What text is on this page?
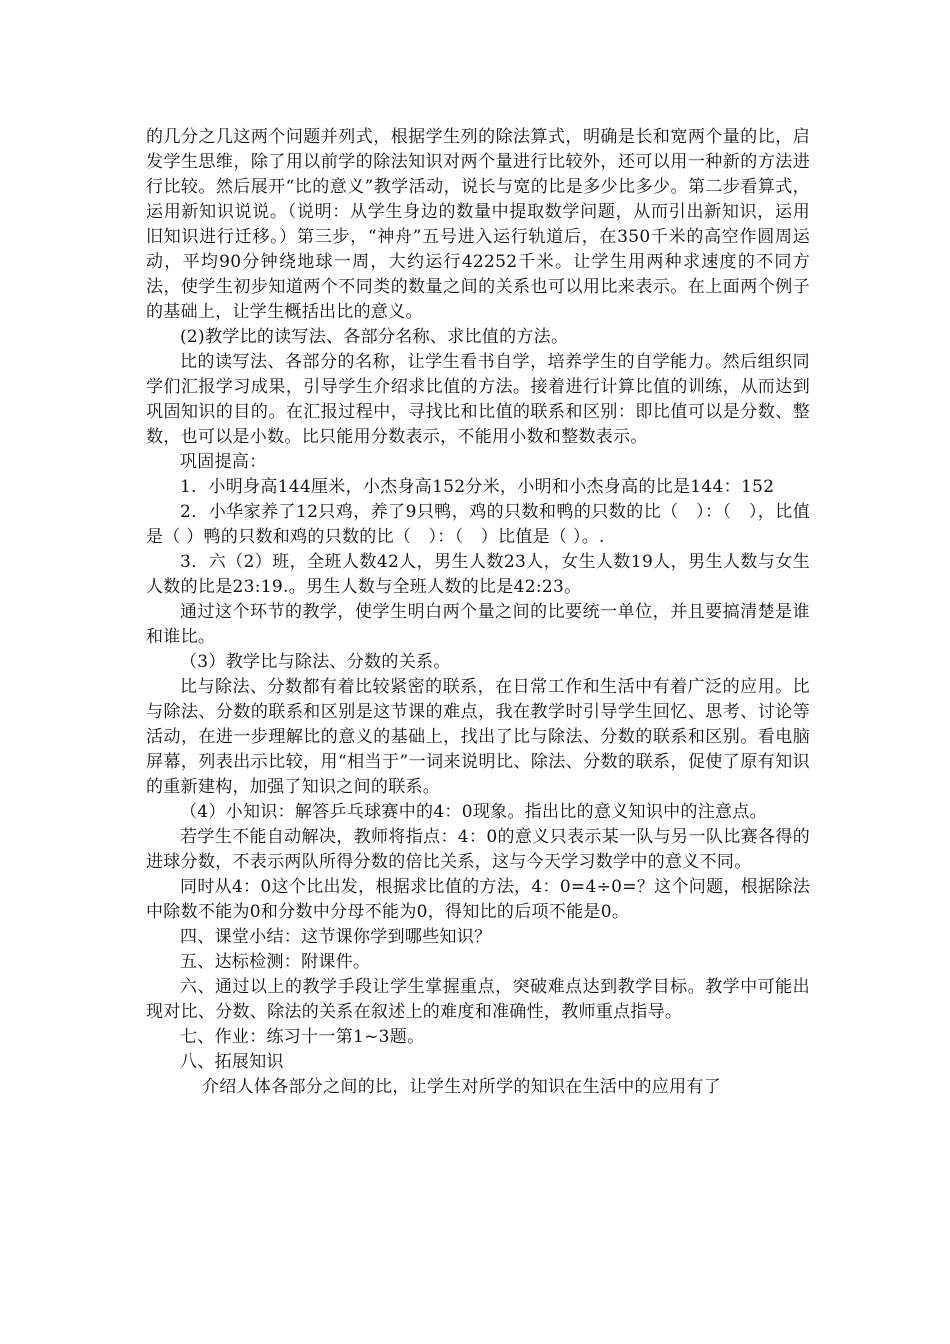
的几分之几这两个问题并列式，根据学生列的除法算式，明确是长和宽两个量的比，启发学生思维，除了用以前学的除法知识对两个量进行比较外，还可以用一种新的方法进行比较。然后展开“比的意义”教学活动，说长与宽的比是多少比多少。第二步看算式，运用新知识说说。（说明：从学生身边的数量中提取数学问题，从而引出新知识，运用旧知识进行迁移。）第三步，“神舟”五号进入运行轨道后，在350千米的高空作圆周运动，平均90分钟绕地球一周，大约运行42252千米。让学生用两种求速度的不同方法，使学生初步知道两个不同类的数量之间的关系也可以用比来表示。在上面两个例子的基础上，让学生概括出比的意义。

(2)教学比的读写法、各部分名称、求比值的方法。

比的读写法、各部分的名称，让学生看书自学，培养学生的自学能力。然后组织同学们汇报学习成果，引导学生介绍求比值的方法。接着进行计算比值的训练，从而达到巩固知识的目的。在汇报过程中，寻找比和比值的联系和区别：即比值可以是分数、整数，也可以是小数。比只能用分数表示，不能用小数和整数表示。

巩固提高：

1．小明身高144厘米，小杰身高152分米，小明和小杰身高的比是144：152

2．小华家养了12只鸡，养了9只鸭，鸡的只数和鸭的只数的比（　）：（　），比值是（ ）鸭的只数和鸡的只数的比（　）：（　）比值是（ ）。.

3．六（2）班，全班人数42人，男生人数23人，女生人数19人，男生人数与女生人数的比是23:19.。男生人数与全班人数的比是42:23。

通过这个环节的教学，使学生明白两个量之间的比要统一单位，并且要搞清楚是谁和谁比。

（3）教学比与除法、分数的关系。

比与除法、分数都有着比较紧密的联系，在日常工作和生活中有着广泛的应用。比与除法、分数的联系和区别是这节课的难点，我在教学时引导学生回忆、思考、讨论等活动，在进一步理解比的意义的基础上，找出了比与除法、分数的联系和区别。看电脑屏幕，列表出示比较，用“相当于”一词来说明比、除法、分数的联系，促使了原有知识的重新建构，加强了知识之间的联系。

（4）小知识：解答乒乓球赛中的4：0现象。指出比的意义知识中的注意点。

若学生不能自动解决，教师将指点：4：0的意义只表示某一队与另一队比赛各得的进球分数，不表示两队所得分数的倍比关系，这与今天学习数学中的意义不同。

同时从4：0这个比出发，根据求比值的方法，4：0=4÷0=？这个问题，根据除法中除数不能为0和分数中分母不能为0，得知比的后项不能是0。

四、课堂小结：这节课你学到哪些知识？

五、达标检测：附课件。

六、通过以上的教学手段让学生掌握重点，突破难点达到教学目标。教学中可能出现对比、分数、除法的关系在叙述上的难度和准确性，教师重点指导。

七、作业：练习十一第1~3题。

八、拓展知识

介绍人体各部分之间的比，让学生对所学的知识在生活中的应用有了
